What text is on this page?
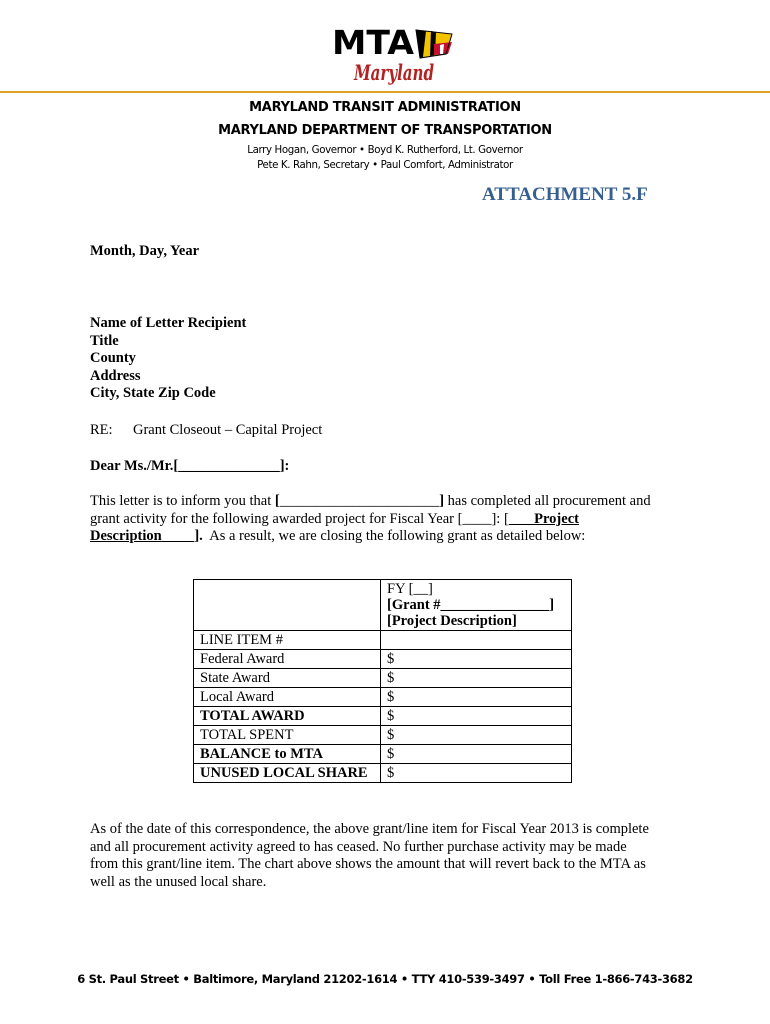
MTA
Maryland
MARYLAND TRANSIT ADMINISTRATION
MARYLAND DEPARTMENT OF TRANSPORTATION
Larry Hogan, Governor • Boyd K. Rutherford, Lt. Governor
Pete K. Rahn, Secretary • Paul Comfort, Administrator
ATTACHMENT 5.F
Month, Day, Year
Name of Letter Recipient
Title
County
Address
City, State Zip Code
RE: Grant Closeout – Capital Project
Dear Ms./Mr.[______________]:
This letter is to inform you that [______________________] has completed all procurement and
grant activity for the following awarded project for Fiscal Year [____]: [       Project
Description ].  As a result, we are closing the following grant as detailed below:

	FY [__]
[Grant #_______________]
[Project Description]

LINE ITEM #	
Federal Award	$
State Award	$
Local Award	$
TOTAL AWARD	$
TOTAL SPENT	$
BALANCE to MTA	$
UNUSED LOCAL SHARE	$
As of the date of this correspondence, the above grant/line item for Fiscal Year 2013 is complete
and all procurement activity agreed to has ceased. No further purchase activity may be made
from this grant/line item. The chart above shows the amount that will revert back to the MTA as
well as the unused local share.
6 St. Paul Street • Baltimore, Maryland 21202-1614 • TTY 410-539-3497 • Toll Free 1-866-743-3682
